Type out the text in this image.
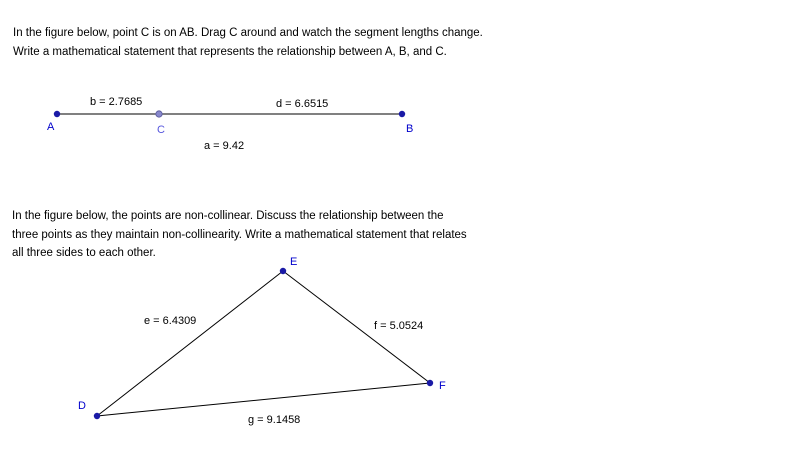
In the figure below, point C is on AB. Drag C around and watch the segment lengths change.
Write a mathematical statement that represents the relationship between A, B, and C.
In the figure below, the points are non-collinear. Discuss the relationship between the
three points as they maintain non-collinearity. Write a mathematical statement that relates
all three sides to each other.
A	C	B
b = 2.7685	d = 6.6515
a = 9.42
D
E
F
e = 6.4309	f = 5.0524
g = 9.1458
